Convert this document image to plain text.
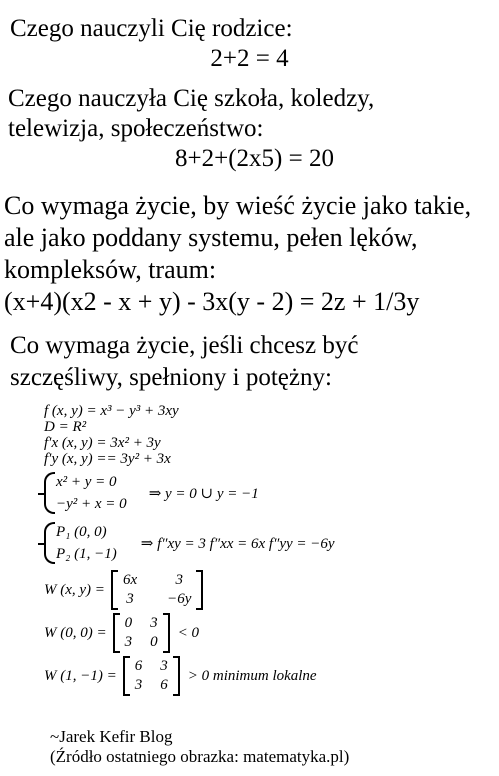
Czego nauczyli Cię rodzice:
2+2 = 4
Czego nauczyła Cię szkoła, koledzy,
telewizja, społeczeństwo:
8+2+(2x5) = 20
Co wymaga życie, by wieść życie jako takie,
ale jako poddany systemu, pełen lęków,
kompleksów, traum:
(x+4)(x2 - x + y) - 3x(y - 2) = 2z + 1/3y
Co wymaga życie, jeśli chcesz być
szczęśliwy, spełniony i potężny:
f (x, y) = x³ − y³ + 3xy
D = R²
f′x (x, y) = 3x² + 3y
f′y (x, y) == 3y² + 3x
x² + y = 0
−y² + x = 0
⇒ y = 0 ∪ y = −1
P₁ (0, 0)
P₂ (1, −1)
⇒ f″xy = 3 f″xx = 6x f″yy = −6y
W (x, y) =
6x	3
3 −6y
W (0, 0) =
0 3
3 0
< 0
W (1, −1) =
6 3
3 6
> 0 minimum lokalne
~Jarek Kefir Blog
(Źródło ostatniego obrazka: matematyka.pl)
